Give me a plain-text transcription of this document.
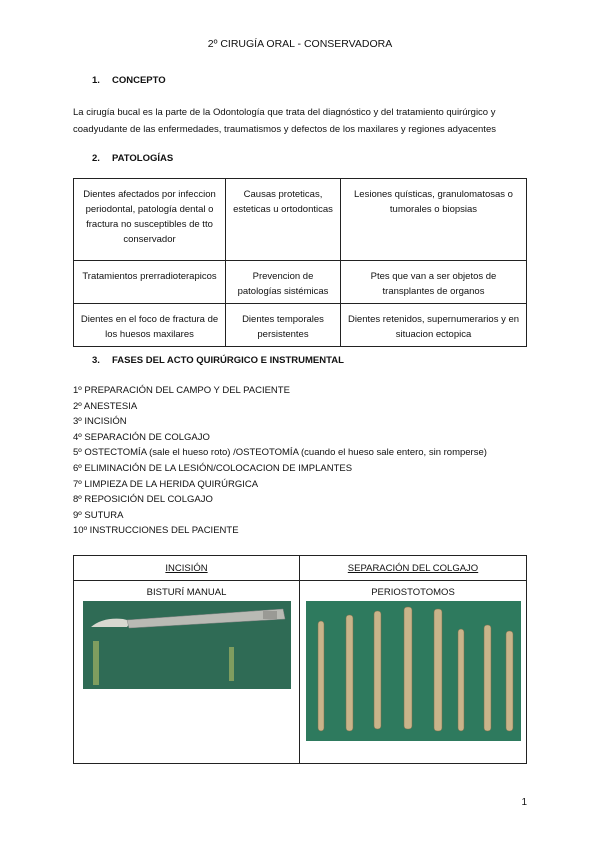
2º CIRUGÍA ORAL - CONSERVADORA
1. CONCEPTO
La cirugía bucal es la parte de la Odontología que trata del diagnóstico y del tratamiento quirúrgico y coadyudante de las enfermedades, traumatismos y defectos de los maxilares y regiones adyacentes
2. PATOLOGÍAS
Dientes afectados por infeccion periodontal, patología dental o fractura no susceptibles de tto conservador	Causas proteticas, esteticas u ortodonticas	Lesiones quísticas, granulomatosas o tumorales o biopsias
Tratamientos prerradioterapicos	Prevencion de patologías sistémicas	Ptes que van a ser objetos de transplantes de organos
Dientes en el foco de fractura de los huesos maxilares	Dientes temporales persistentes	Dientes retenidos, supernumerarios y en situacion ectopica
3. FASES DEL ACTO QUIRÚRGICO E INSTRUMENTAL
1º PREPARACIÓN DEL CAMPO Y DEL PACIENTE
2º ANESTESIA
3º INCISIÓN
4º SEPARACIÓN DE COLGAJO
5º OSTECTOMÍA (sale el hueso roto) /OSTEOTOMÍA (cuando el hueso sale entero, sin romperse)
6º ELIMINACIÓN DE LA LESIÓN/COLOCACION DE IMPLANTES
7º LIMPIEZA DE LA HERIDA QUIRÚRGICA
8º REPOSICIÓN DEL COLGAJO
9º SUTURA
10º INSTRUCCIONES DEL PACIENTE
INCISIÓN	SEPARACIÓN DEL COLGAJO

BISTURÍ MANUAL	PERIOSTOTOMOS
1
